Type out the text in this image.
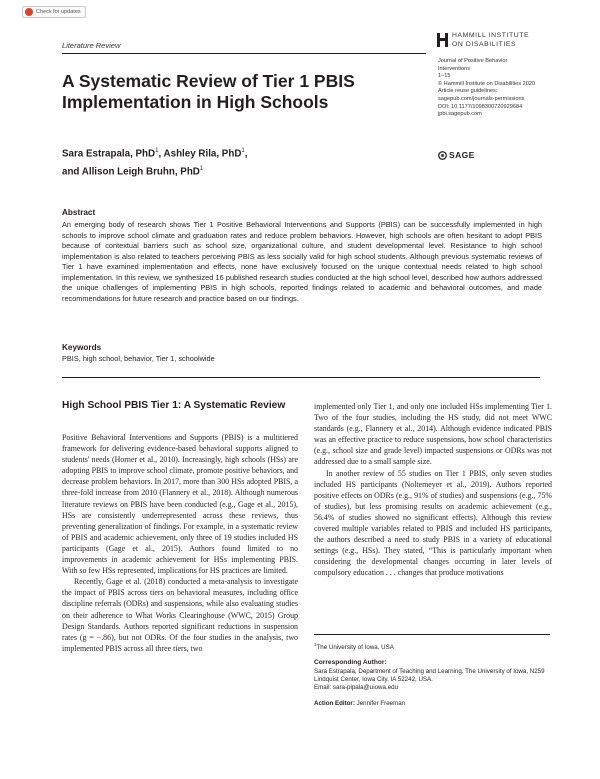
Check for updates
Literature Review
HAMMILL INSTITUTE
ON DISABILITIES
A Systematic Review of Tier 1 PBIS
Implementation in High Schools
Journal of Positive Behavior
Interventions
1–15
© Hammill Institute on Disabilities 2020
Article reuse guidelines:
sagepub.com/journals-permissions
DOI: 10.1177/1098300720929684
jpbi.sagepub.com
SAGE
Sara Estrapala, PhD$^1$, Ashley Rila, PhD$^1$,
and Allison Leigh Bruhn, PhD$^1$
Abstract
An emerging body of research shows Tier 1 Positive Behavioral Interventions and Supports (PBIS) can be successfully implemented in high schools to improve school climate and graduation rates and reduce problem behaviors. However, high schools are often hesitant to adopt PBIS because of contextual barriers such as school size, organizational culture, and student developmental level. Resistance to high school implementation is also related to teachers perceiving PBIS as less socially valid for high school students. Although previous systematic reviews of Tier 1 have examined implementation and effects, none have exclusively focused on the unique contextual needs related to high school implementation. In this review, we synthesized 16 published research studies conducted at the high school level, described how authors addressed the unique challenges of implementing PBIS in high schools, reported findings related to academic and behavioral outcomes, and made recommendations for future research and practice based on our findings.
Keywords
PBIS, high school, behavior, Tier 1, schoolwide
High School PBIS Tier 1: A Systematic Review

Positive Behavioral Interventions and Supports (PBIS) is a multitiered framework for delivering evidence-based behavioral supports aligned to students' needs (Horner et al., 2010). Increasingly, high schools (HSs) are adopting PBIS to improve school climate, promote positive behaviors, and decrease problem behaviors. In 2017, more than 300 HSs adopted PBIS, a three-fold increase from 2010 (Flannery et al., 2018). Although numerous literature reviews on PBIS have been conducted (e.g., Gage et al., 2015), HSs are consistently underrepresented across these reviews, thus preventing generalization of findings. For example, in a systematic review of PBIS and academic achievement, only three of 19 studies included HS participants (Gage et al., 2015). Authors found limited to no improvements in academic achievement for HSs implementing PBIS. With so few HSs represented, implications for HS practices are limited.

Recently, Gage et al. (2018) conducted a meta-analysis to investigate the impact of PBIS across tiers on behavioral measures, including office discipline referrals (ODRs) and suspensions, while also evaluating studies on their adherence to What Works Clearinghouse (WWC, 2015) Group Design Standards. Authors reported significant reductions in suspension rates (g = −.86), but not ODRs. Of the four studies in the analysis, two implemented PBIS across all three tiers, two

implemented only Tier 1, and only one included HSs implementing Tier 1. Two of the four studies, including the HS study, did not meet WWC standards (e.g., Flannery et al., 2014). Although evidence indicated PBIS was an effective practice to reduce suspensions, how school characteristics (e.g., school size and grade level) impacted suspensions or ODRs was not addressed due to a small sample size.

In another review of 55 studies on Tier 1 PBIS, only seven studies included HS participants (Noltemeyer et al., 2019). Authors reported positive effects on ODRs (e.g., 91% of studies) and suspensions (e.g., 75% of studies), but less promising results on academic achievement (e.g., 56.4% of studies showed no significant effects). Although this review covered multiple variables related to PBIS and included HS participants, the authors described a need to study PBIS in a variety of educational settings (e.g., HSs). They stated, “This is particularly important when considering the developmental changes occurring in later levels of compulsory education . . . changes that produce motivations

$^1$The University of Iowa, USA
Corresponding Author:
Sara Estrapala, Department of Teaching and Learning, The University of Iowa, N259 Lindquist Center, Iowa City, IA 52242, USA.
Email: sara-pipala@uiowa.edu
Action Editor: Jennifer Freeman
